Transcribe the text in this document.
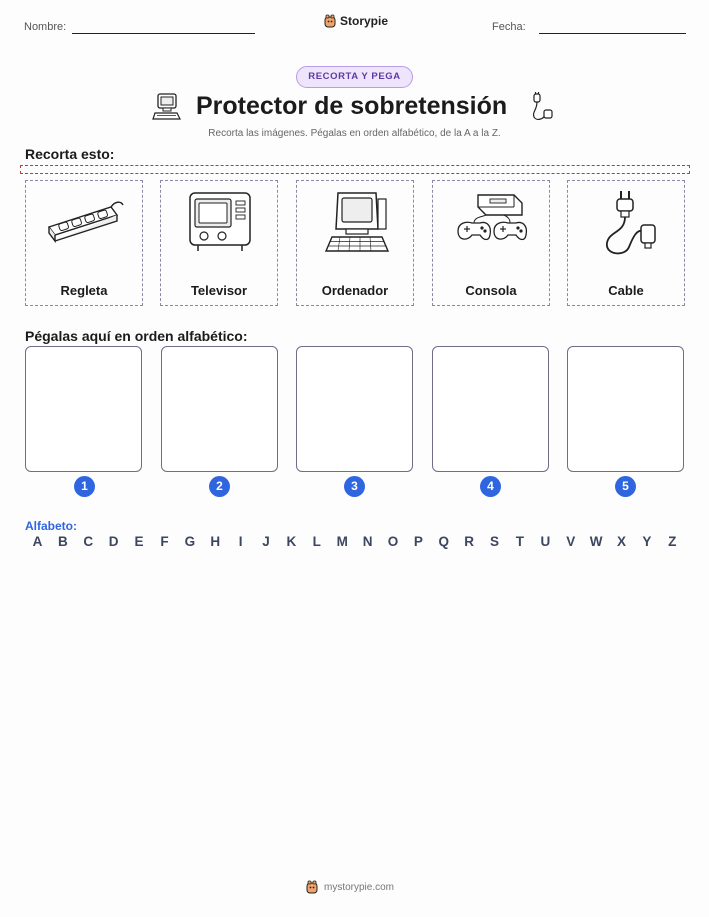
Nombre:	Storypie	Fecha:
RECORTA Y PEGA
Protector de sobretensión
Recorta las imágenes. Pégalas en orden alfabético, de la A a la Z.
Recorta esto:
Regleta	Televisor	Ordenador	Consola	Cable
Pégalas aquí en orden alfabético:
1	2	3	4	5
Alfabeto:
A	B	C	D	E	F	G	H	I	J	K	L	M	N	O	P	Q	R	S	T	U	V	W	X	Y	Z
mystorypie.com
